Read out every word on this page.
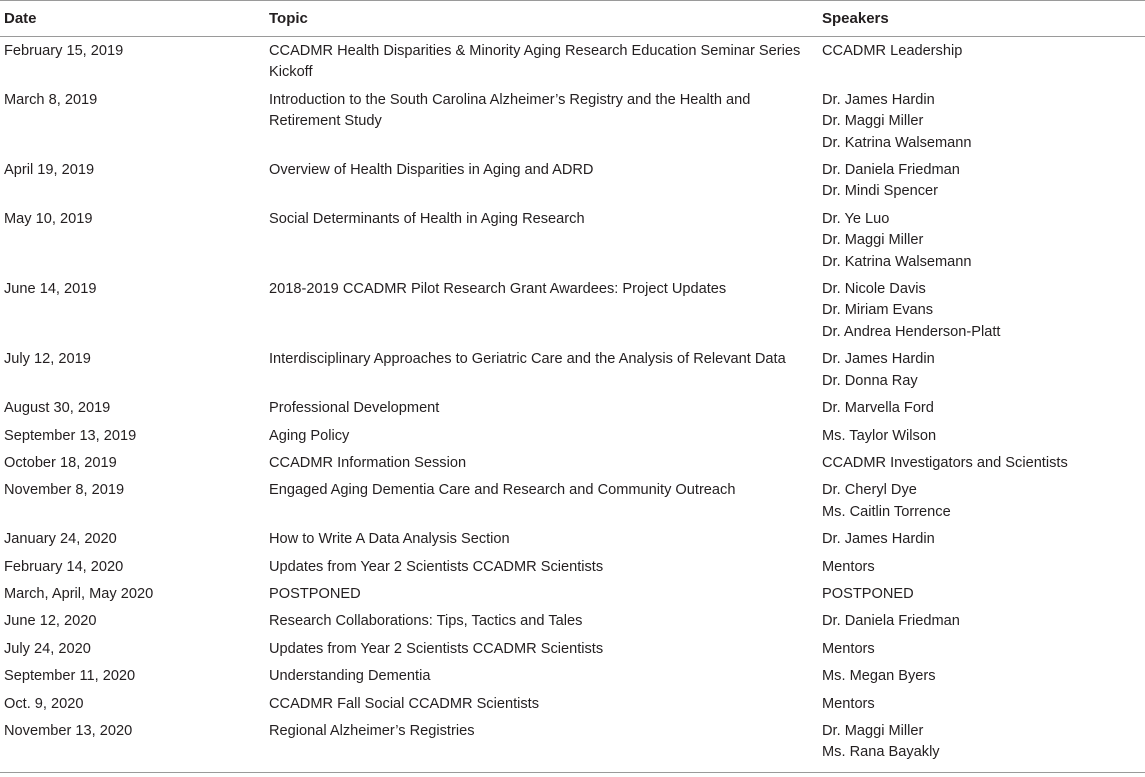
Date	Topic	Speakers
February 15, 2019	CCADMR Health Disparities & Minority Aging Research Education Seminar Series Kickoff	CCADMR Leadership

March 8, 2019	Introduction to the South Carolina Alzheimer’s Registry and the Health and Retirement Study	Dr. James Hardin
Dr. Maggi Miller
Dr. Katrina Walsemann

April 19, 2019	Overview of Health Disparities in Aging and ADRD	Dr. Daniela Friedman
Dr. Mindi Spencer

May 10, 2019	Social Determinants of Health in Aging Research	Dr. Ye Luo
Dr. Maggi Miller
Dr. Katrina Walsemann

June 14, 2019	2018-2019 CCADMR Pilot Research Grant Awardees: Project Updates	Dr. Nicole Davis
Dr. Miriam Evans
Dr. Andrea Henderson-Platt

July 12, 2019	Interdisciplinary Approaches to Geriatric Care and the Analysis of Relevant Data	Dr. James Hardin
Dr. Donna Ray

August 30, 2019	Professional Development	Dr. Marvella Ford

September 13, 2019	Aging Policy	Ms. Taylor Wilson

October 18, 2019	CCADMR Information Session	CCADMR Investigators and Scientists

November 8, 2019	Engaged Aging Dementia Care and Research and Community Outreach	Dr. Cheryl Dye
Ms. Caitlin Torrence

January 24, 2020	How to Write A Data Analysis Section	Dr. James Hardin

February 14, 2020	Updates from Year 2 Scientists CCADMR Scientists	Mentors

March, April, May 2020	POSTPONED	POSTPONED

June 12, 2020	Research Collaborations: Tips, Tactics and Tales	Dr. Daniela Friedman

July 24, 2020	Updates from Year 2 Scientists CCADMR Scientists	Mentors

September 11, 2020	Understanding Dementia	Ms. Megan Byers

Oct. 9, 2020	CCADMR Fall Social CCADMR Scientists	Mentors

November 13, 2020	Regional Alzheimer’s Registries	Dr. Maggi Miller
Ms. Rana Bayakly
